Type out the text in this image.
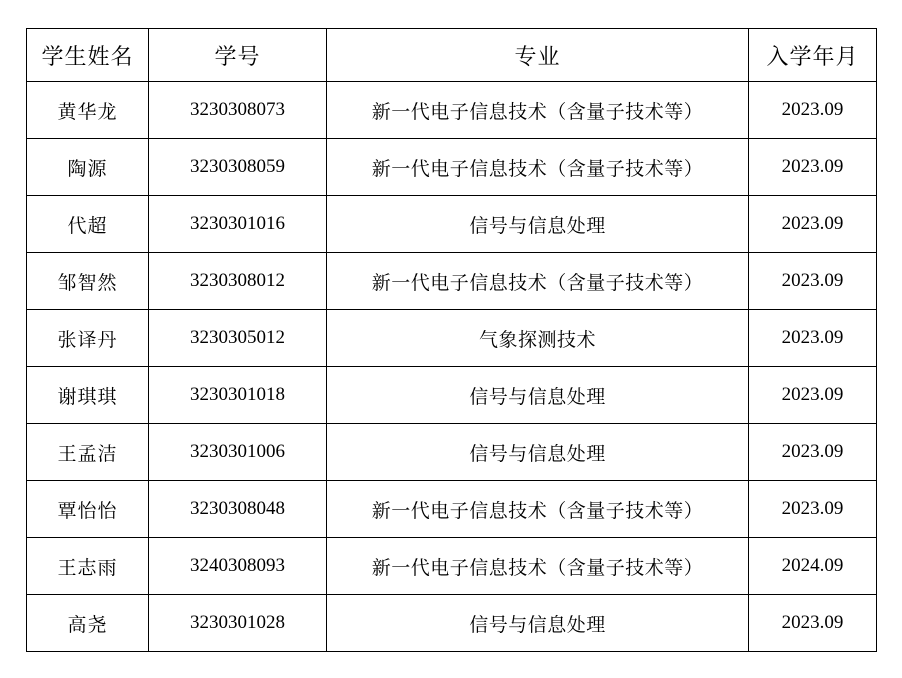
学生姓名	学号	专业	入学年月
黄华龙	3230308073	新一代电子信息技术（含量子技术等）	2023.09
陶源	3230308059	新一代电子信息技术（含量子技术等）	2023.09
代超	3230301016	信号与信息处理	2023.09
邹智然	3230308012	新一代电子信息技术（含量子技术等）	2023.09
张译丹	3230305012	气象探测技术	2023.09
谢琪琪	3230301018	信号与信息处理	2023.09
王孟洁	3230301006	信号与信息处理	2023.09
覃怡怡	3230308048	新一代电子信息技术（含量子技术等）	2023.09
王志雨	3240308093	新一代电子信息技术（含量子技术等）	2024.09
高尧	3230301028	信号与信息处理	2023.09
